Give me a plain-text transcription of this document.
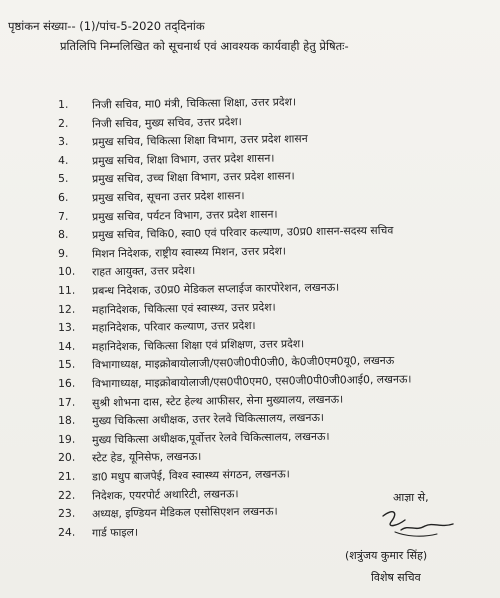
पृष्ठांकन संख्या-- (1)/पांच-5-2020 तद्‌दिनांक
प्रतिलिपि निम्नलिखित को सूचनार्थ एवं आवश्यक कार्यवाही हेतु प्रेषितः-
1.	निजी सचिव, मा0 मंत्री, चिकित्सा शिक्षा, उत्तर प्रदेश।
2.	निजी सचिव, मुख्य सचिव, उत्तर प्रदेश।
3.	प्रमुख सचिव, चिकित्सा शिक्षा विभाग, उत्तर प्रदेश शासन
4.	प्रमुख सचिव, शिक्षा विभाग, उत्तर प्रदेश शासन।
5.	प्रमुख सचिव, उच्च शिक्षा विभाग, उत्तर प्रदेश शासन।
6.	प्रमुख सचिव, सूचना उत्तर प्रदेश शासन।
7.	प्रमुख सचिव, पर्यटन विभाग, उत्तर प्रदेश शासन।
8.	प्रमुख सचिव, चिकि0, स्वा0 एवं परिवार कल्याण, उ0प्र0 शासन-सदस्य सचिव
9.	मिशन निदेशक, राष्ट्रीय स्वास्थ्य मिशन, उत्तर प्रदेश।
10.	राहत आयुक्त, उत्तर प्रदेश।
11.	प्रबन्ध निदेशक, उ0प्र0 मेडिकल सप्लाईज कारपोरेशन, लखनऊ।
12.	महानिदेशक, चिकित्सा एवं स्वास्थ्य, उत्तर प्रदेश।
13.	महानिदेशक, परिवार कल्याण, उत्तर प्रदेश।
14.	महानिदेशक, चिकित्सा शिक्षा एवं प्रशिक्षण, उत्तर प्रदेश।
15.	विभागाध्यक्ष, माइक्रोबायोलाजी/एस0जी0पी0जी0, के0जी0एम0यू0, लखनऊ
16.	विभागाध्यक्ष, माइक्रोबायोलाजी/एस0पी0एम0, एस0जी0पी0जी0आई0, लखनऊ।
17.	सुश्री शोभना दास, स्टेट हेल्थ आफीसर, सेना मुख्यालय, लखनऊ।
18.	मुख्य चिकित्सा अधीक्षक, उत्तर रेलवे चिकित्सालय, लखनऊ।
19.	मुख्य चिकित्सा अधीक्षक,पूर्वोत्तर रेलवे चिकित्सालय, लखनऊ।
20.	स्टेट हेड, यूनिसेफ, लखनऊ।
21.	डा0 मधुप बाजपेई, विश्व स्वास्थ्य संगठन, लखनऊ।
22.	निदेशक, एयरपोर्ट अथारिटी, लखनऊ।
23.	अध्यक्ष, इण्डियन मेडिकल एसोसिएशन लखनऊ।
24.	गार्ड फाइल।
आज्ञा से,
(शत्रुंजय कुमार सिंह)
विशेष सचिव
